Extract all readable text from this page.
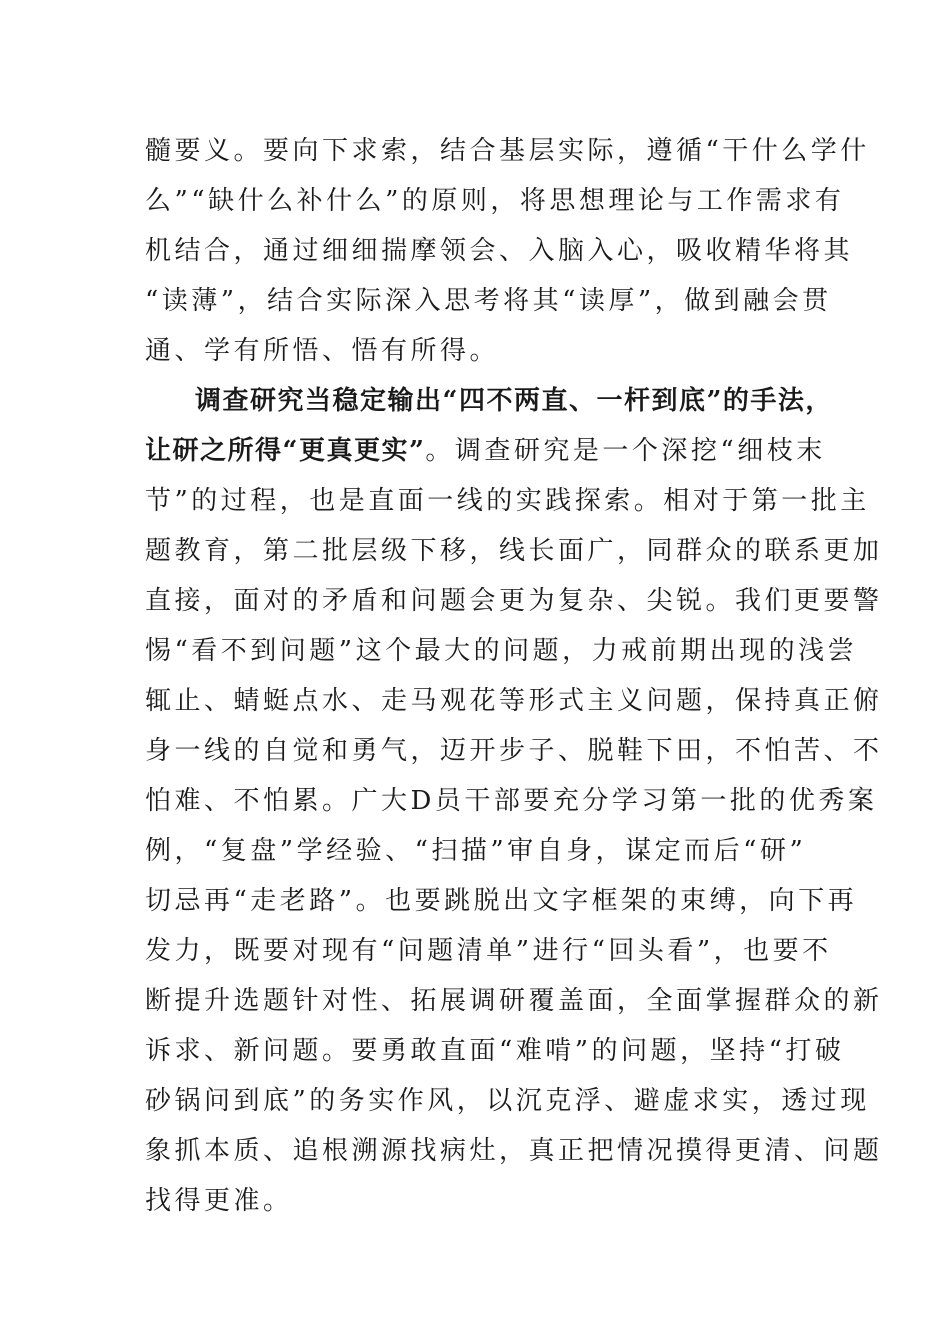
髓要义。要向下求索，结合基层实际，遵循“干什么学什
么”“缺什么补什么”的原则，将思想理论与工作需求有
机结合，通过细细揣摩领会、入脑入心，吸收精华将其
“读薄”，结合实际深入思考将其“读厚”，做到融会贯
通、学有所悟、悟有所得。
调查研究当稳定输出“四不两直、一杆到底”的手法，
让研之所得“更真更实”。调查研究是一个深挖“细枝末
节”的过程，也是直面一线的实践探索。相对于第一批主
题教育，第二批层级下移，线长面广，同群众的联系更加
直接，面对的矛盾和问题会更为复杂、尖锐。我们更要警
惕“看不到问题”这个最大的问题，力戒前期出现的浅尝
辄止、蜻蜓点水、走马观花等形式主义问题，保持真正俯
身一线的自觉和勇气，迈开步子、脱鞋下田，不怕苦、不
怕难、不怕累。广大D员干部要充分学习第一批的优秀案
例，“复盘”学经验、“扫描”审自身，谋定而后“研”
切忌再“走老路”。也要跳脱出文字框架的束缚，向下再
发力，既要对现有“问题清单”进行“回头看”，也要不
断提升选题针对性、拓展调研覆盖面，全面掌握群众的新
诉求、新问题。要勇敢直面“难啃”的问题，坚持“打破
砂锅问到底”的务实作风，以沉克浮、避虚求实，透过现
象抓本质、追根溯源找病灶，真正把情况摸得更清、问题
找得更准。
